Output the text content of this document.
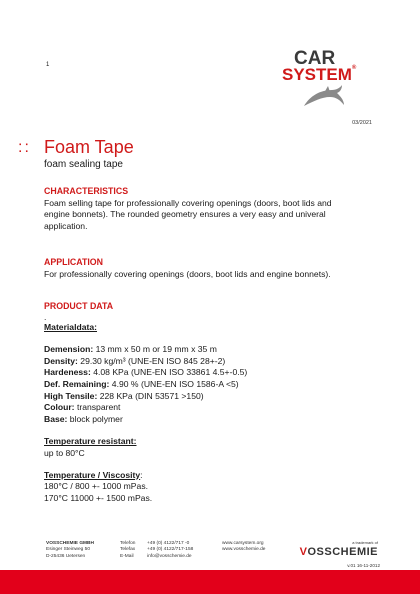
1	CAR
SYSTEM®
03/2021
:: Foam Tape
foam sealing tape
CHARACTERISTICS
Foam selling tape for professionally covering openings (doors, boot lids and
engine bonnets). The rounded geometry ensures a very easy and univeral
application.
APPLICATION
For professionally covering openings (doors, boot lids and engine bonnets).
PRODUCT DATA
.
Materialdata:
Demension: 13 mm x 50 m or 19 mm x 35 m
Density: 29.30 kg/m³ (UNE-EN ISO 845 28+-2)
Hardeness: 4.08 KPa (UNE-EN ISO 33861 4.5+-0.5)
Def. Remaining: 4.90 % (UNE-EN ISO 1586-A <5)
High Tensile: 228 KPa (DIN 53571 >150)
Colour: transparent
Base: block polymer
Temperature resistant:
up to 80°C
Temperature / Viscosity:
180°C / 800 +- 1000 mPas.
170°C 11000 +- 1500 mPas.
VOSSCHEMIE GMBH
Esinger Steinweg 50
D-25436 Uetersen
Telefon
Telefax
E-Mail
+49 (0) 4122/717 -0
+49 (0) 4122/717-158
info@vosschemie.de
www.carsystem.org
www.vosschemie.de
a trademark of
VOSSCHEMIE
v.01 16-11-2012
